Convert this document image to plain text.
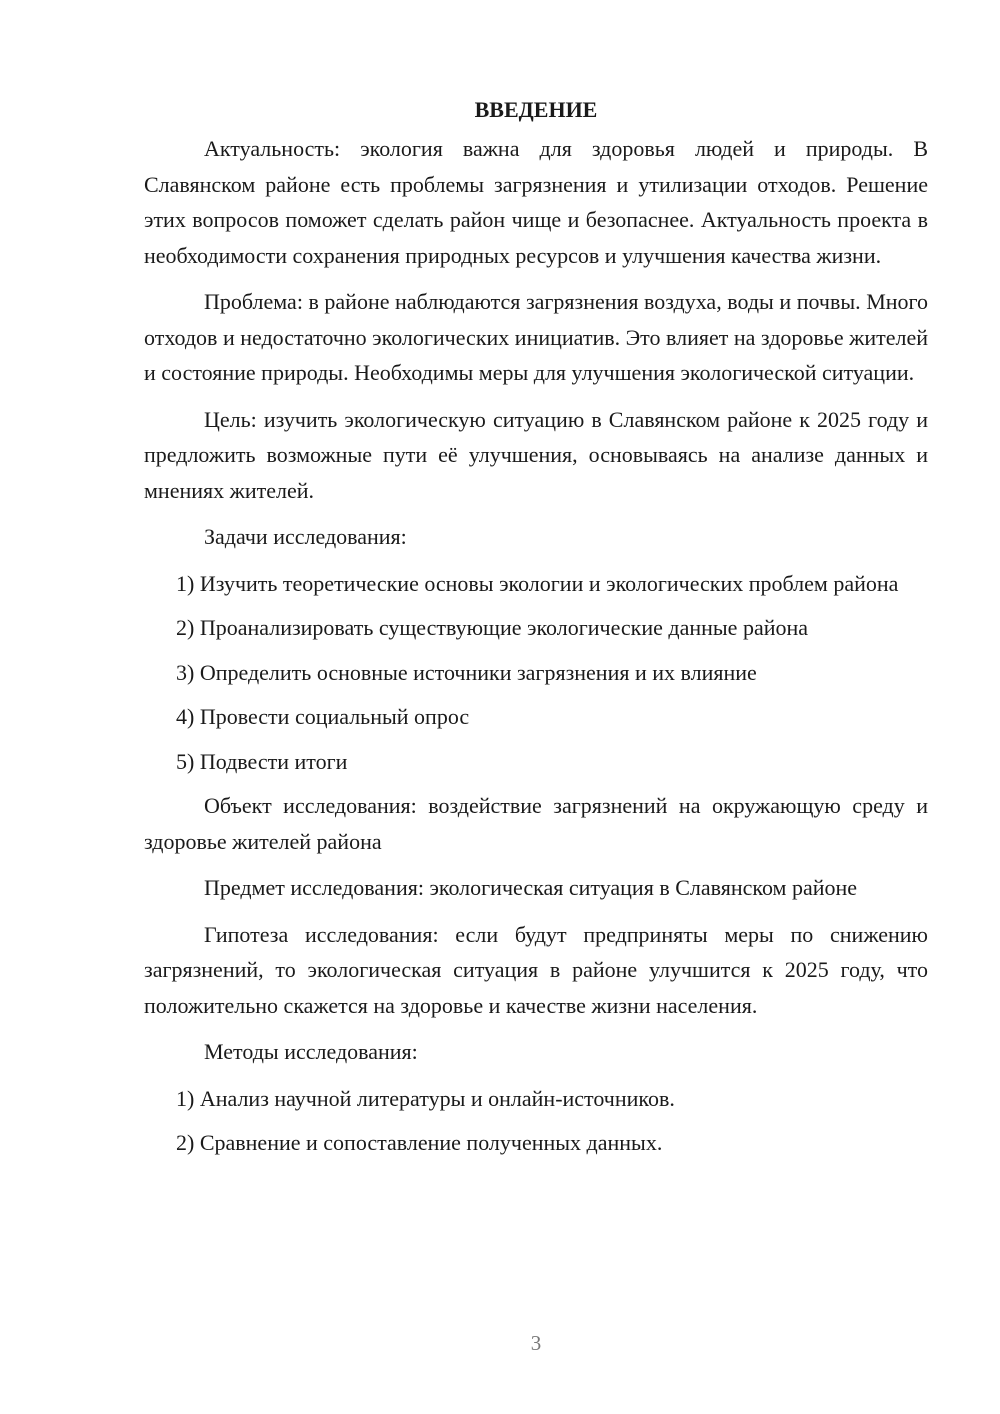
ВВЕДЕНИЕ

Актуальность: экология важна для здоровья людей и природы. В Славянском районе есть проблемы загрязнения и утилизации отходов. Решение этих вопросов поможет сделать район чище и безопаснее. Актуальность проекта в необходимости сохранения природных ресурсов и улучшения качества жизни.

Проблема: в районе наблюдаются загрязнения воздуха, воды и почвы. Много отходов и недостаточно экологических инициатив. Это влияет на здоровье жителей и состояние природы. Необходимы меры для улучшения экологической ситуации.

Цель: изучить экологическую ситуацию в Славянском районе к 2025 году и предложить возможные пути её улучшения, основываясь на анализе данных и мнениях жителей.

Задачи исследования:

1) Изучить теоретические основы экологии и экологических проблем района

2) Проанализировать существующие экологические данные района

3) Определить основные источники загрязнения и их влияние

4) Провести социальный опрос

5) Подвести итоги

Объект исследования: воздействие загрязнений на окружающую среду и здоровье жителей района

Предмет исследования: экологическая ситуация в Славянском районе

Гипотеза исследования: если будут предприняты меры по снижению загрязнений, то экологическая ситуация в районе улучшится к 2025 году, что положительно скажется на здоровье и качестве жизни населения.

Методы исследования:

1) Анализ научной литературы и онлайн-источников.

2) Сравнение и сопоставление полученных данных.

3
